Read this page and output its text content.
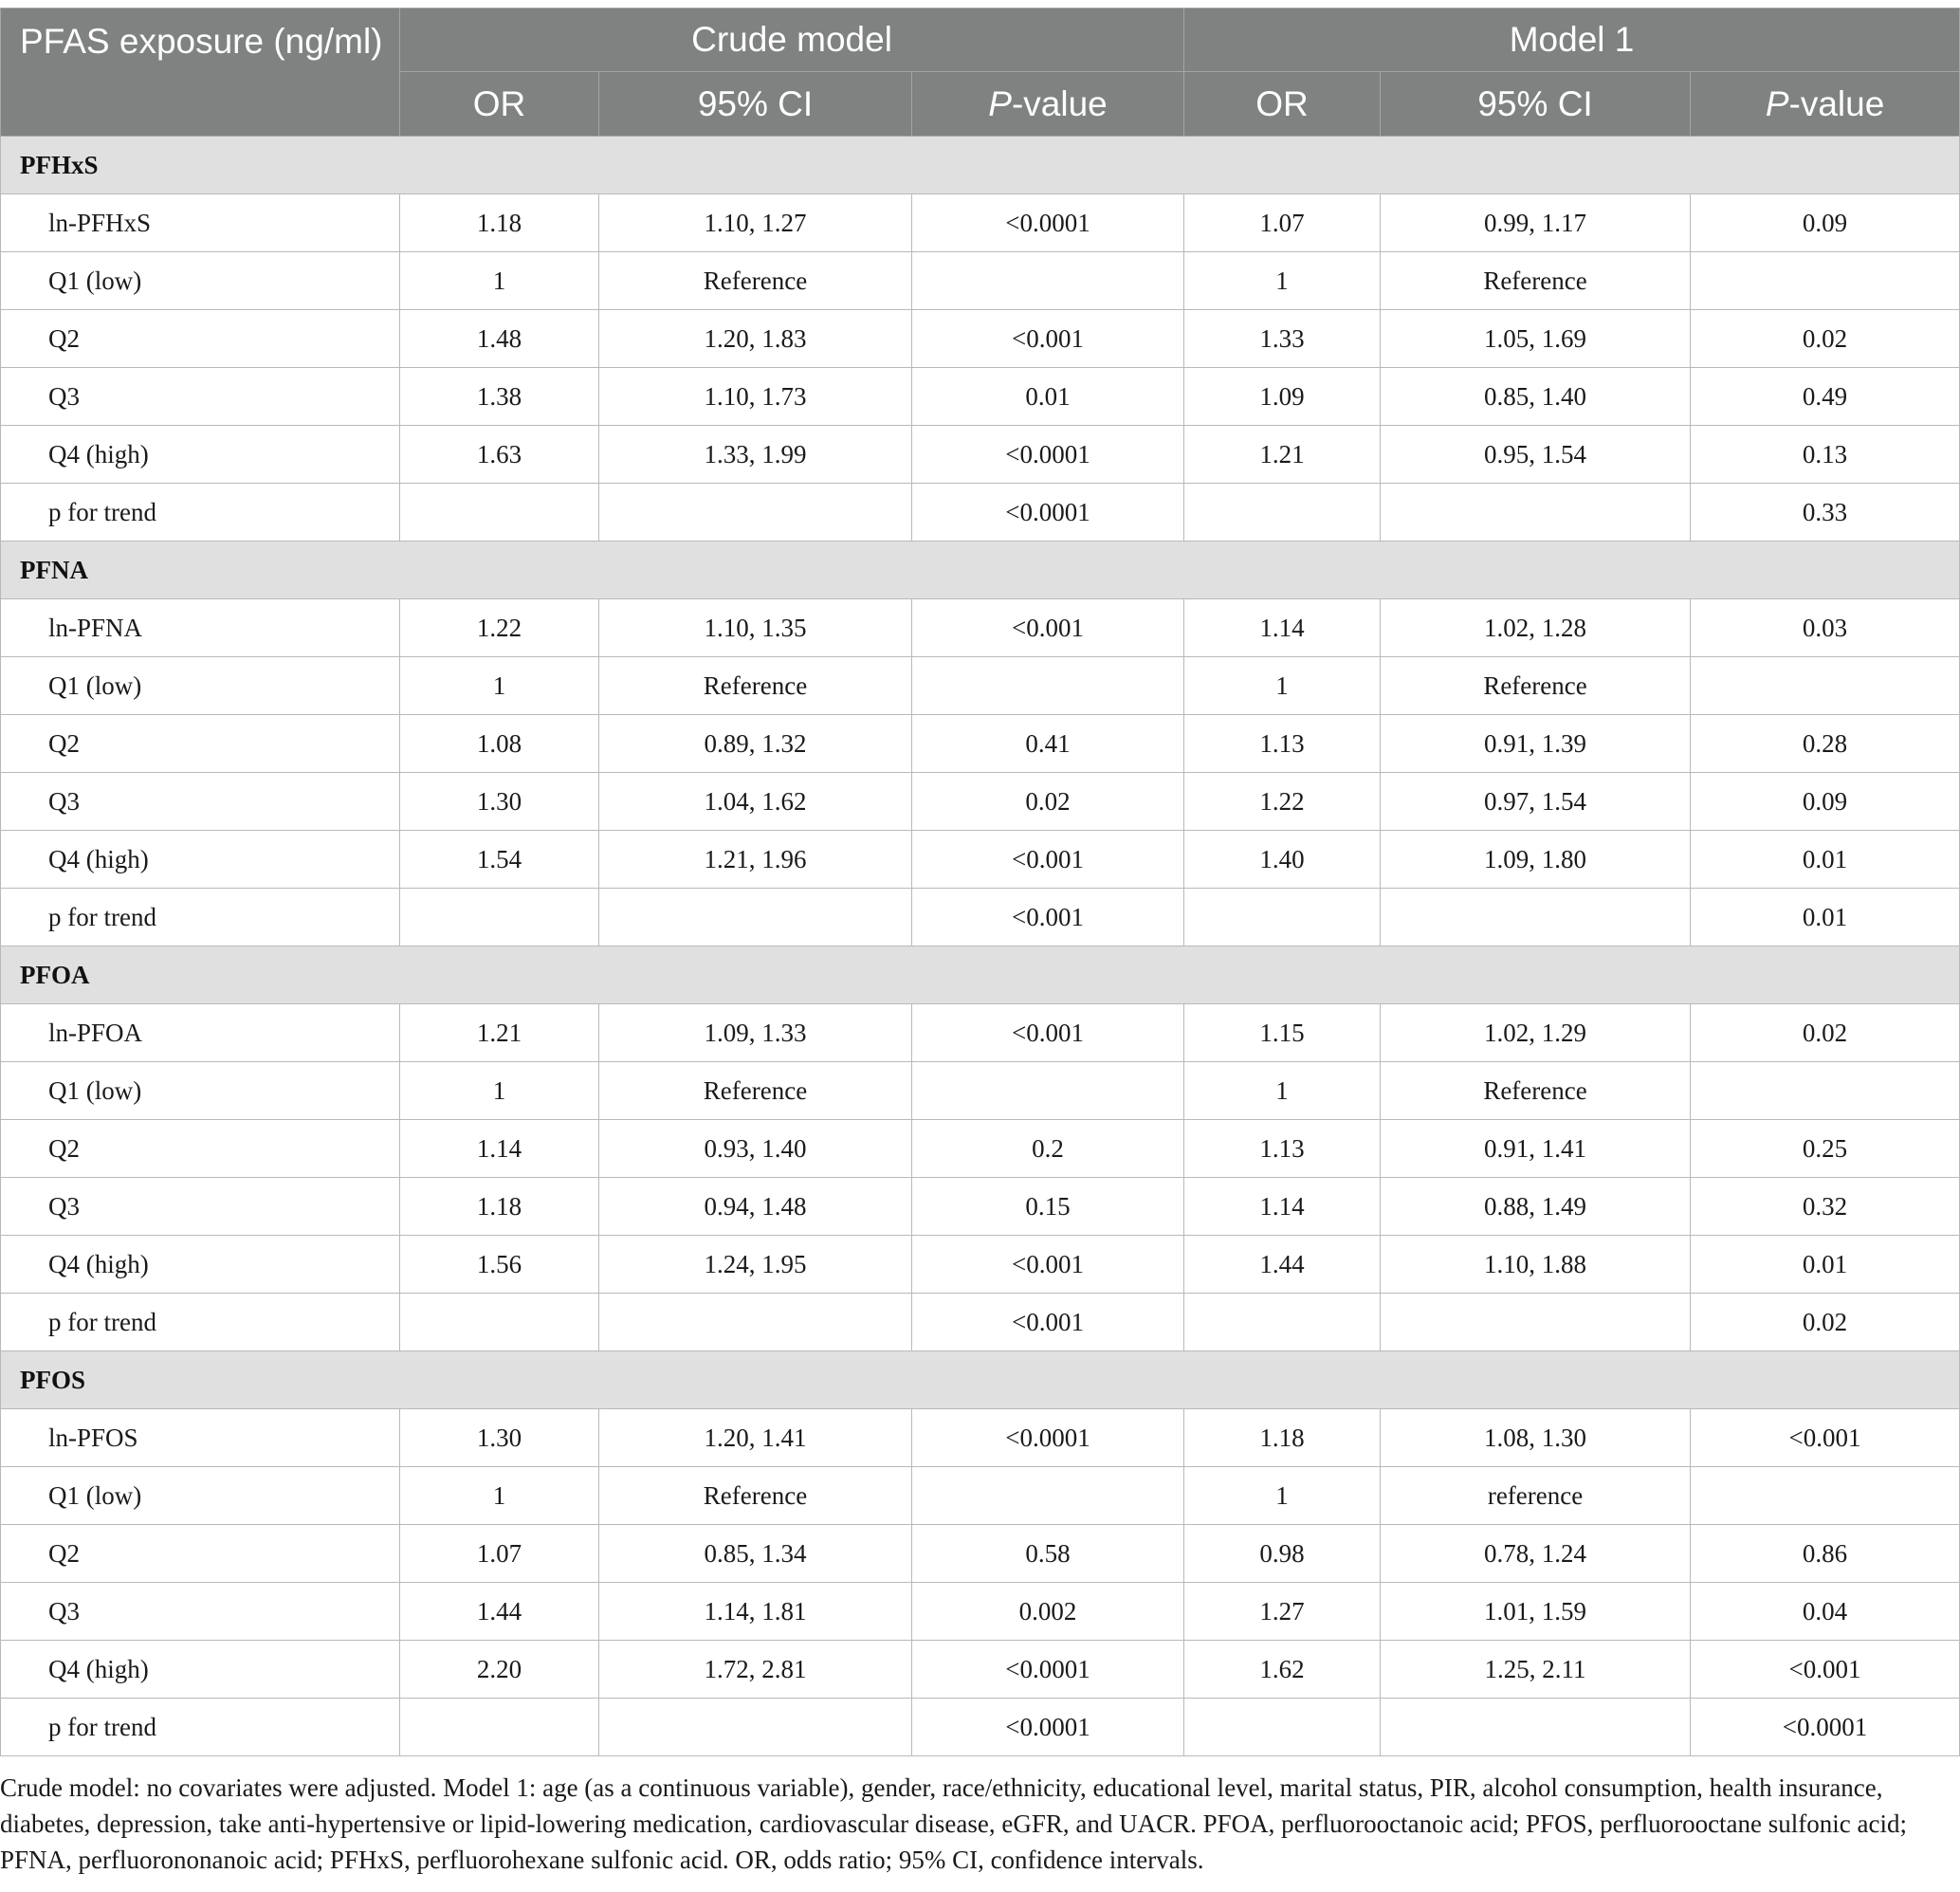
PFAS exposure (ng/ml)	Crude model			Model 1		
	OR	95% CI	P-value	OR	95% CI	P-value
PFHxS						
ln-PFHxS	1.18	1.10, 1.27	<0.0001	1.07	0.99, 1.17	0.09
Q1 (low)	1	Reference		1	Reference	
Q2	1.48	1.20, 1.83	<0.001	1.33	1.05, 1.69	0.02
Q3	1.38	1.10, 1.73	0.01	1.09	0.85, 1.40	0.49
Q4 (high)	1.63	1.33, 1.99	<0.0001	1.21	0.95, 1.54	0.13
p for trend			<0.0001			0.33
PFNA						
ln-PFNA	1.22	1.10, 1.35	<0.001	1.14	1.02, 1.28	0.03
Q1 (low)	1	Reference		1	Reference	
Q2	1.08	0.89, 1.32	0.41	1.13	0.91, 1.39	0.28
Q3	1.30	1.04, 1.62	0.02	1.22	0.97, 1.54	0.09
Q4 (high)	1.54	1.21, 1.96	<0.001	1.40	1.09, 1.80	0.01
p for trend			<0.001			0.01
PFOA						
ln-PFOA	1.21	1.09, 1.33	<0.001	1.15	1.02, 1.29	0.02
Q1 (low)	1	Reference		1	Reference	
Q2	1.14	0.93, 1.40	0.2	1.13	0.91, 1.41	0.25
Q3	1.18	0.94, 1.48	0.15	1.14	0.88, 1.49	0.32
Q4 (high)	1.56	1.24, 1.95	<0.001	1.44	1.10, 1.88	0.01
p for trend			<0.001			0.02
PFOS						
ln-PFOS	1.30	1.20, 1.41	<0.0001	1.18	1.08, 1.30	<0.001
Q1 (low)	1	Reference		1	reference	
Q2	1.07	0.85, 1.34	0.58	0.98	0.78, 1.24	0.86
Q3	1.44	1.14, 1.81	0.002	1.27	1.01, 1.59	0.04
Q4 (high)	2.20	1.72, 2.81	<0.0001	1.62	1.25, 2.11	<0.001
p for trend			<0.0001			<0.0001
Crude model: no covariates were adjusted. Model 1: age (as a continuous variable), gender, race/ethnicity, educational level, marital status, PIR, alcohol consumption, health insurance, diabetes, depression, take anti-hypertensive or lipid-lowering medication, cardiovascular disease, eGFR, and UACR. PFOA, perfluorooctanoic acid; PFOS, perfluorooctane sulfonic acid; PFNA, perfluorononanoic acid; PFHxS, perfluorohexane sulfonic acid. OR, odds ratio; 95% CI, confidence intervals.
